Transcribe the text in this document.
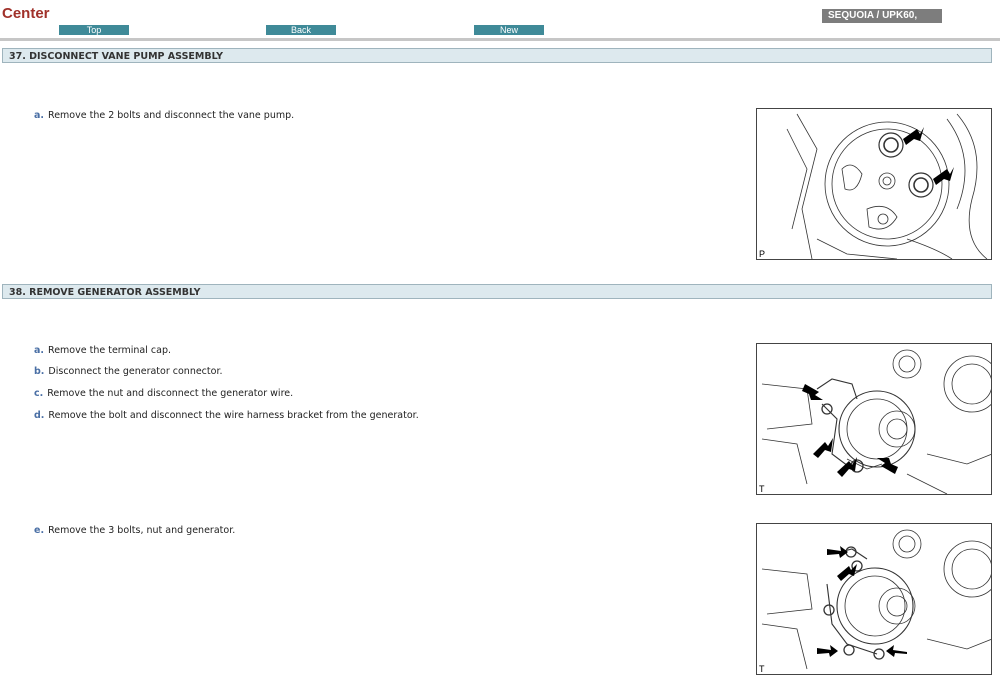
Center
Top	Back	New
SEQUOIA / UPK60,
37. DISCONNECT VANE PUMP ASSEMBLY
a. Remove the 2 bolts and disconnect the vane pump.
P
38. REMOVE GENERATOR ASSEMBLY
a. Remove the terminal cap.
b. Disconnect the generator connector.
c. Remove the nut and disconnect the generator wire.
d. Remove the bolt and disconnect the wire harness bracket from the generator.
T
e. Remove the 3 bolts, nut and generator.
T
